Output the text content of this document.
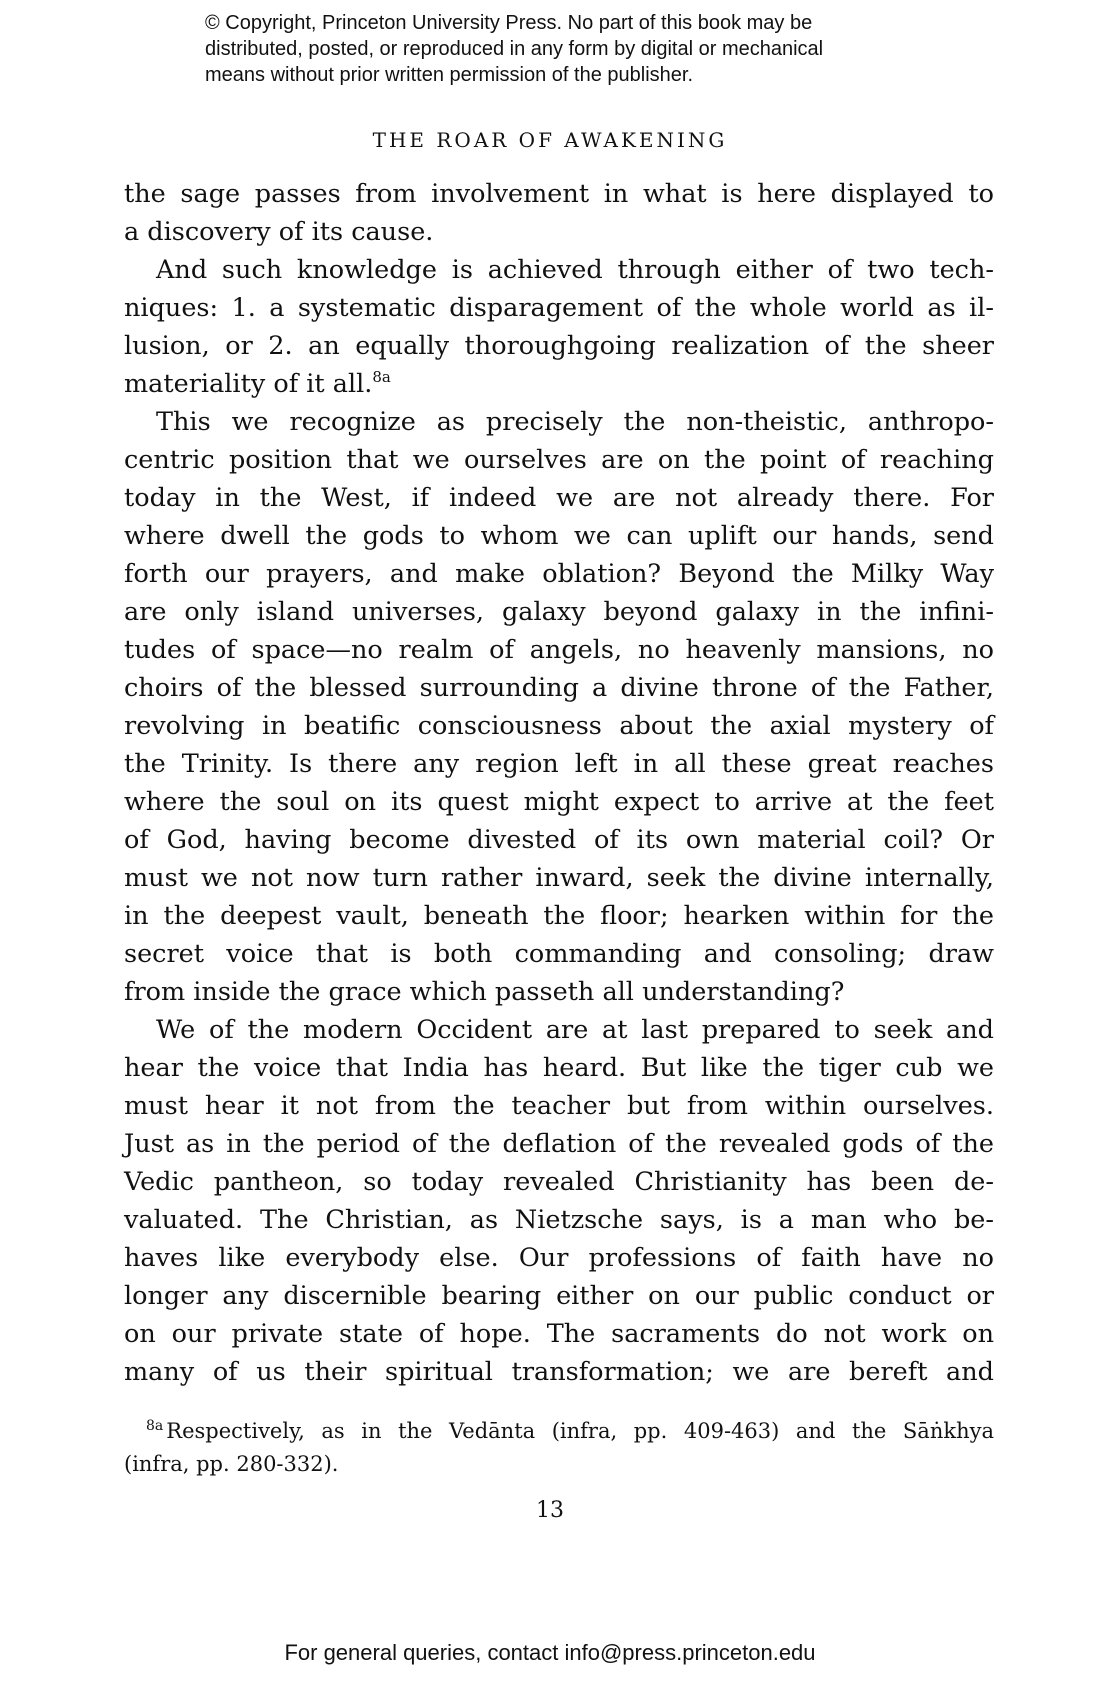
© Copyright, Princeton University Press. No part of this book may be
distributed, posted, or reproduced in any form by digital or mechanical
means without prior written permission of the publisher.
THE ROAR OF AWAKENING
the sage passes from involvement in what is here displayed to
a discovery of its cause.
And such knowledge is achieved through either of two tech-
niques: 1. a systematic disparagement of the whole world as il-
lusion, or 2. an equally thoroughgoing realization of the sheer
materiality of it all.$^{8a}$
This we recognize as precisely the non-theistic, anthropo-
centric position that we ourselves are on the point of reaching
today in the West, if indeed we are not already there. For
where dwell the gods to whom we can uplift our hands, send
forth our prayers, and make oblation? Beyond the Milky Way
are only island universes, galaxy beyond galaxy in the infini-
tudes of space—no realm of angels, no heavenly mansions, no
choirs of the blessed surrounding a divine throne of the Father,
revolving in beatific consciousness about the axial mystery of
the Trinity. Is there any region left in all these great reaches
where the soul on its quest might expect to arrive at the feet
of God, having become divested of its own material coil? Or
must we not now turn rather inward, seek the divine internally,
in the deepest vault, beneath the floor; hearken within for the
secret voice that is both commanding and consoling; draw
from inside the grace which passeth all understanding?
We of the modern Occident are at last prepared to seek and
hear the voice that India has heard. But like the tiger cub we
must hear it not from the teacher but from within ourselves.
Just as in the period of the deflation of the revealed gods of the
Vedic pantheon, so today revealed Christianity has been de-
valuated. The Christian, as Nietzsche says, is a man who be-
haves like everybody else. Our professions of faith have no
longer any discernible bearing either on our public conduct or
on our private state of hope. The sacraments do not work on
many of us their spiritual transformation; we are bereft and
$^{8a}$ Respectively, as in the Vedānta (infra, pp. 409-463) and the Sāṅkhya
(infra, pp. 280-332).
13
For general queries, contact info@press.princeton.edu
